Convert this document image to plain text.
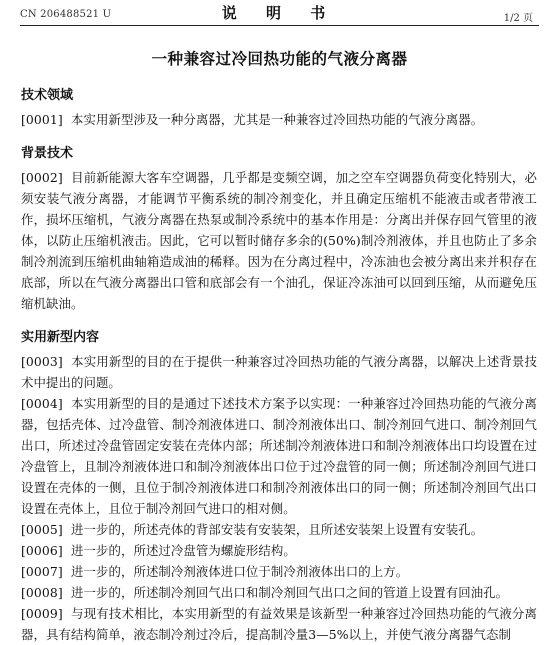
CN 206488521 U	说 明 书	1/2 页
一种兼容过冷回热功能的气液分离器

技术领域

[0001] 本实用新型涉及一种分离器，尤其是一种兼容过冷回热功能的气液分离器。

背景技术

[0002] 目前新能源大客车空调器，几乎都是变频空调，加之空车空调器负荷变化特别大，必须安装气液分离器，才能调节平衡系统的制冷剂变化，并且确定压缩机不能液击或者带液工作，损坏压缩机，气液分离器在热泵或制冷系统中的基本作用是：分离出并保存回气管里的液体，以防止压缩机液击。因此，它可以暂时储存多余的(50%)制冷剂液体，并且也防止了多余制冷剂流到压缩机曲轴箱造成油的稀释。因为在分离过程中，冷冻油也会被分离出来并积存在底部，所以在气液分离器出口管和底部会有一个油孔，保证冷冻油可以回到压缩，从而避免压缩机缺油。

实用新型内容

[0003] 本实用新型的目的在于提供一种兼容过冷回热功能的气液分离器，以解决上述背景技术中提出的问题。

[0004] 本实用新型的目的是通过下述技术方案予以实现：一种兼容过冷回热功能的气液分离器，包括壳体、过冷盘管、制冷剂液体进口、制冷剂液体出口、制冷剂回气进口、制冷剂回气出口，所述过冷盘管固定安装在壳体内部；所述制冷剂液体进口和制冷剂液体出口均设置在过冷盘管上，且制冷剂液体进口和制冷剂液体出口位于过冷盘管的同一侧；所述制冷剂回气进口设置在壳体的一侧，且位于制冷剂液体进口和制冷剂液体出口的同一侧；所述制冷剂回气出口设置在壳体上，且位于制冷剂回气进口的相对侧。

[0005] 进一步的，所述壳体的背部安装有安装架，且所述安装架上设置有安装孔。

[0006] 进一步的，所述过冷盘管为螺旋形结构。

[0007] 进一步的，所述制冷剂液体进口位于制冷剂液体出口的上方。

[0008] 进一步的，所述制冷剂回气出口和制冷剂回气出口之间的管道上设置有回油孔。

[0009] 与现有技术相比，本实用新型的有益效果是该新型一种兼容过冷回热功能的气液分离器，具有结构简单，液态制冷剂过冷后，提高制冷量3—5%以上，并使气液分离器气态制
